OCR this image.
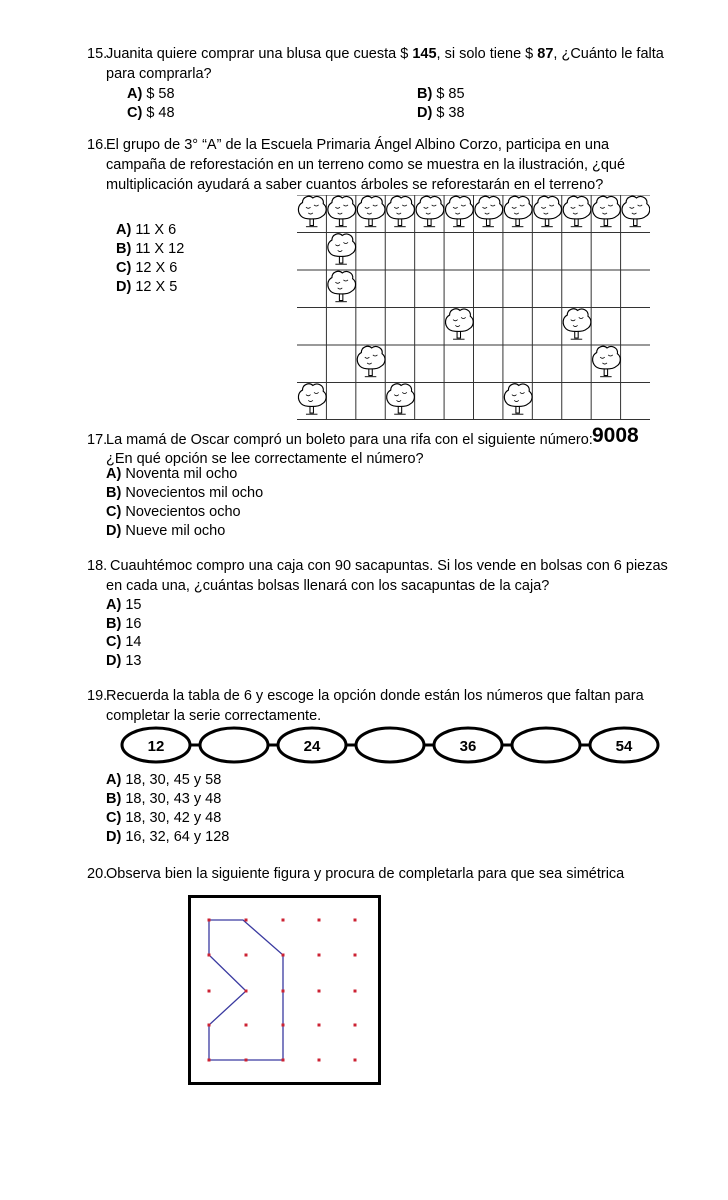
15.
Juanita quiere comprar una blusa que cuesta $ 145, si solo tiene $ 87, ¿Cuánto le falta
para comprarla?
A) $ 58	B) $ 85
C) $ 48	D) $ 38
16.
El grupo de 3° “A” de la Escuela Primaria Ángel Albino Corzo, participa en una
campaña de reforestación en un terreno como se muestra en la ilustración, ¿qué
multiplicación ayudará a saber cuantos árboles se reforestarán en el terreno?
A) 11 X 6
B) 11 X 12
C) 12 X 6
D) 12 X 5
17.
La mamá de Oscar compró un boleto para una rifa con el siguiente número: 9008
¿En qué opción se lee correctamente el número?
A) Noventa mil ocho
B) Novecientos mil ocho
C) Novecientos ocho
D) Nueve mil ocho
18. Cuauhtémoc compro una caja con 90 sacapuntas. Si los vende en bolsas con 6 piezas
en cada una, ¿cuántas bolsas llenará con los sacapuntas de la caja?
A) 15
B) 16
C) 14
D) 13
19.
Recuerda la tabla de 6 y escoge la opción donde están los números que faltan para
completar la serie correctamente.
12	24	36	54
A) 18, 30, 45 y 58
B) 18, 30, 43 y 48
C) 18, 30, 42 y 48
D) 16, 32, 64 y 128
20.
Observa bien la siguiente figura y procura de completarla para que sea simétrica
